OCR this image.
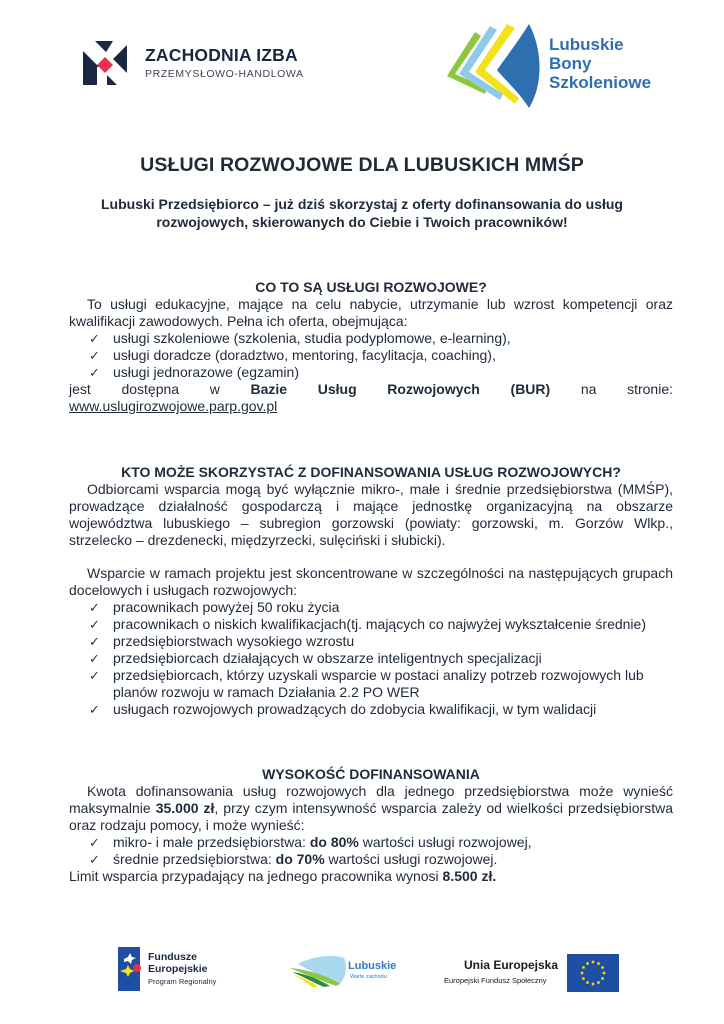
ZACHODNIA IZBA
PRZEMYSŁOWO-HANDLOWA
Lubuskie
Bony
Szkoleniowe
USŁUGI ROZWOJOWE DLA LUBUSKICH MMŚP
Lubuski Przedsiębiorco – już dziś skorzystaj z oferty dofinansowania do usług
rozwojowych, skierowanych do Ciebie i Twoich pracowników!
CO TO SĄ USŁUGI ROZWOJOWE?
To usługi edukacyjne, mające na celu nabycie, utrzymanie lub wzrost kompetencji oraz kwalifikacji zawodowych. Pełna ich oferta, obejmująca:
✓ usługi szkoleniowe (szkolenia, studia podyplomowe, e-learning),
✓ usługi doradcze (doradztwo, mentoring, facylitacja, coaching),
✓ usługi jednorazowe (egzamin)
jest dostępna w Bazie Usług Rozwojowych (BUR) na stronie:
www.uslugirozwojowe.parp.gov.pl
KTO MOŻE SKORZYSTAĆ Z DOFINANSOWANIA USŁUG ROZWOJOWYCH?
Odbiorcami wsparcia mogą być wyłącznie mikro-, małe i średnie przedsiębiorstwa (MMŚP), prowadzące działalność gospodarczą i mające jednostkę organizacyjną na obszarze województwa lubuskiego – subregion gorzowski (powiaty: gorzowski, m. Gorzów Wlkp., strzelecko – drezdenecki, międzyrzecki, sulęciński i słubicki).
Wsparcie w ramach projektu jest skoncentrowane w szczególności na następujących grupach docelowych i usługach rozwojowych:
✓ pracownikach powyżej 50 roku życia
✓ pracownikach o niskich kwalifikacjach(tj. mających co najwyżej wykształcenie średnie)
✓ przedsiębiorstwach wysokiego wzrostu
✓ przedsiębiorcach działających w obszarze inteligentnych specjalizacji
✓ przedsiębiorcach, którzy uzyskali wsparcie w postaci analizy potrzeb rozwojowych lub planów rozwoju w ramach Działania 2.2 PO WER
✓ usługach rozwojowych prowadzących do zdobycia kwalifikacji, w tym walidacji
WYSOKOŚĆ DOFINANSOWANIA
Kwota dofinansowania usług rozwojowych dla jednego przedsiębiorstwa może wynieść maksymalnie 35.000 zł, przy czym intensywność wsparcia zależy od wielkości przedsiębiorstwa oraz rodzaju pomocy, i może wynieść:
✓ mikro- i małe przedsiębiorstwa: do 80% wartości usługi rozwojowej,
✓ średnie przedsiębiorstwa: do 70% wartości usługi rozwojowej.
Limit wsparcia przypadający na jednego pracownika wynosi 8.500 zł.
Fundusze
Europejskie
Program Regionalny
Lubuskie
Warte zachodu
Unia Europejska
Europejski Fundusz Społeczny
